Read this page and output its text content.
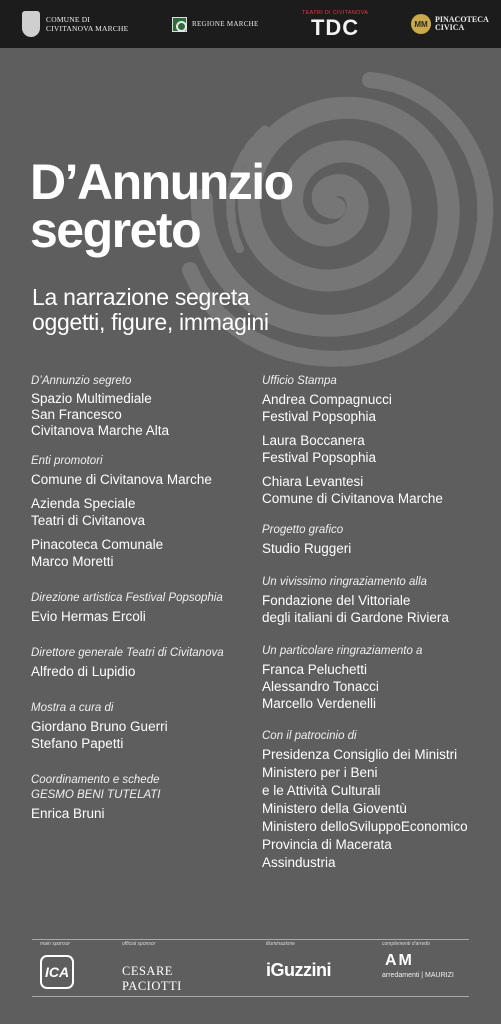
COMUNE DI
CIVITANOVA MARCHE	REGIONE MARCHE
TEATRI DI CIVITANOVA
TDC	MM PINACOTECA
CIVICA
D’Annunzio
segreto
La narrazione segreta
oggetti, figure, immagini
D’Annunzio segreto
Spazio Multimediale
San Francesco
Civitanova Marche Alta
Enti promotori
Comune di Civitanova Marche
Azienda Speciale
Teatri di Civitanova
Pinacoteca Comunale
Marco Moretti
Direzione artistica Festival Popsophia
Evio Hermas Ercoli
Direttore generale Teatri di Civitanova
Alfredo di Lupidio
Mostra a cura di
Giordano Bruno Guerri
Stefano Papetti
Coordinamento e schede
GESMO BENI TUTELATI
Enrica Bruni
Ufficio Stampa
Andrea Compagnucci
Festival Popsophia
Laura Boccanera
Festival Popsophia
Chiara Levantesi
Comune di Civitanova Marche
Progetto grafico
Studio Ruggeri
Un vivissimo ringraziamento alla
Fondazione del Vittoriale
degli italiani di Gardone Riviera
Un particolare ringraziamento a
Franca Peluchetti
Alessandro Tonacci
Marcello Verdenelli
Con il patrocinio di
Presidenza Consiglio dei Ministri
Ministero per i Beni
e le Attività Culturali
Ministero della Gioventù
Ministero delloSviluppoEconomico
Provincia di Macerata
Assindustria
main sponsor
ICA
official sponsor
CESARE PACIOTTI
illuminazione
iGuzzini
complementi d'arredo
AM
arredamenti | MAURIZI
